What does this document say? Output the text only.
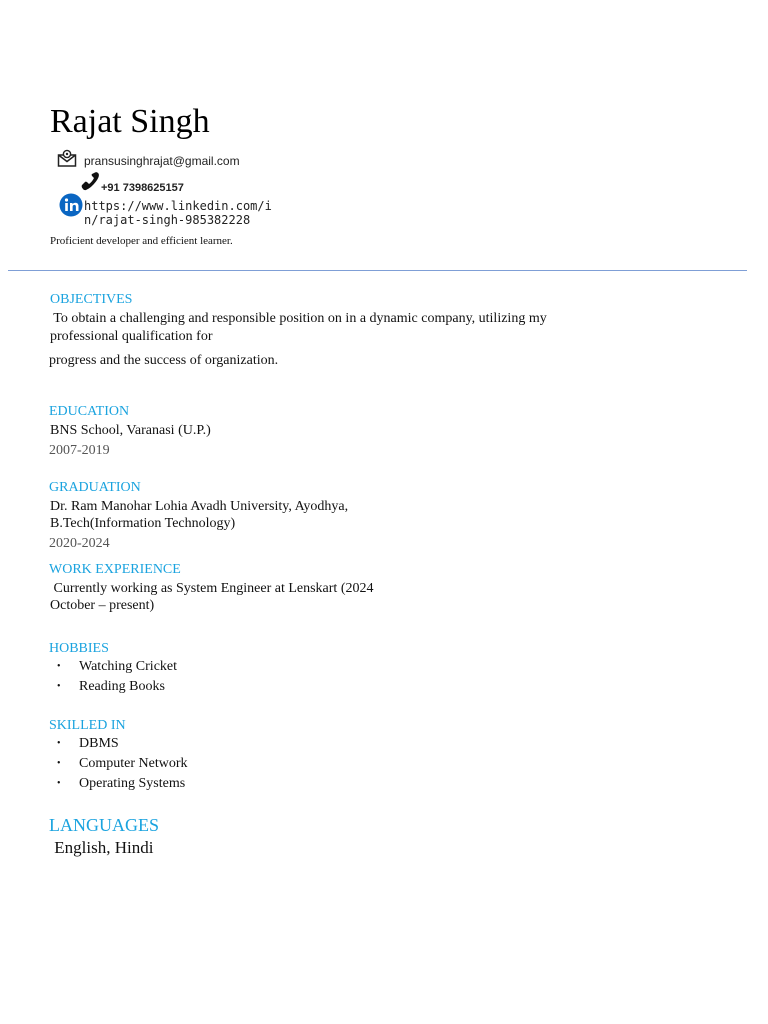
Rajat Singh
pransusinghrajat@gmail.com
+91 7398625157
https://www.linkedin.com/i
n/rajat-singh-985382228
Proficient developer and efficient learner.
OBJECTIVES
To obtain a challenging and responsible position on in a dynamic company, utilizing my
professional qualification for
progress and the success of organization.
EDUCATION
BNS School, Varanasi (U.P.)
2007-2019
GRADUATION
Dr. Ram Manohar Lohia Avadh University, Ayodhya,
B.Tech(Information Technology)
2020-2024
WORK EXPERIENCE
Currently working as System Engineer at Lenskart (2024
October – present)
HOBBIES
• Watching Cricket
• Reading Books
SKILLED IN
• DBMS
• Computer Network
• Operating Systems
LANGUAGES
English, Hindi
